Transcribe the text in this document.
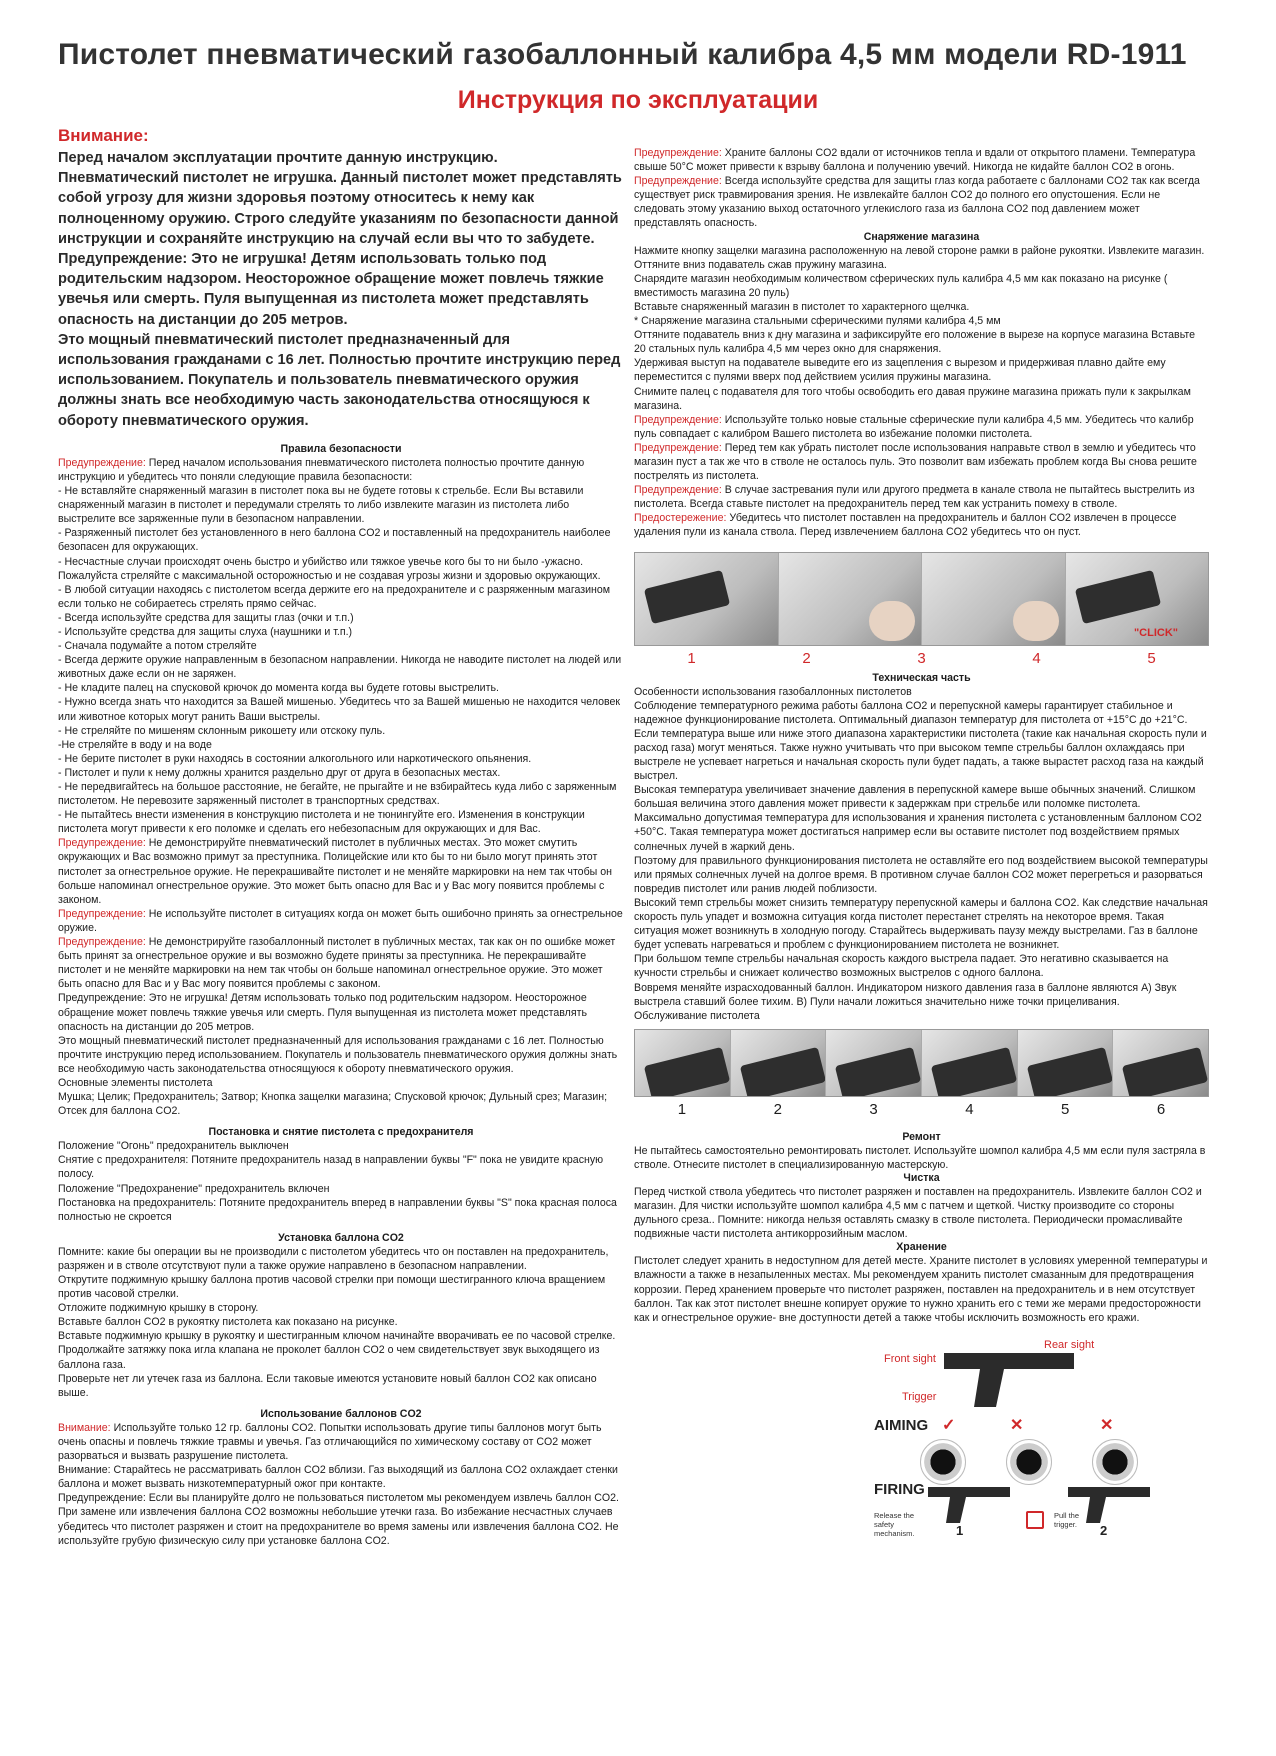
Пистолет пневматический газобаллонный калибра 4,5 мм модели RD-1911
Инструкция по эксплуатации
Внимание:
Перед началом эксплуатации прочтите данную инструкцию.
Пневматический пистолет не игрушка. Данный пистолет может представлять собой угрозу для жизни здоровья поэтому относитесь к нему как полноценному оружию. Строго следуйте указаниям по безопасности данной инструкции и сохраняйте инструкцию на случай если вы что то забудете.
Предупреждение: Это не игрушка! Детям использовать только под родительским надзором. Неосторожное обращение может повлечь тяжкие увечья или смерть. Пуля выпущенная из пистолета может представлять опасность на дистанции до 205 метров.
Это мощный пневматический пистолет предназначенный для использования гражданами с 16 лет. Полностью прочтите инструкцию перед использованием. Покупатель и пользователь пневматического оружия должны знать все необходимую часть законодательства относящуюся к обороту пневматического оружия.
Правила безопасности
Предупреждение: Перед началом использования пневматического пистолета полностью прочтите данную инструкцию и убедитесь что поняли следующие правила безопасности:
- Не вставляйте снаряженный магазин в пистолет пока вы не будете готовы к стрельбе. Если Вы вставили снаряженный магазин в пистолет и передумали стрелять то либо извлеките магазин из пистолета либо выстрелите все заряженные пули в безопасном направлении.
- Разряженный пистолет без установленного в него баллона CO2 и поставленный на предохранитель наиболее безопасен для окружающих.
- Несчастные случаи происходят очень быстро и убийство или тяжкое увечье кого бы то ни было -ужасно. Пожалуйста стреляйте с максимальной осторожностью и не создавая угрозы жизни и здоровью окружающих.
- В любой ситуации находясь с пистолетом всегда держите его на предохранителе и с разряженным магазином если только не собираетесь стрелять прямо сейчас.
- Всегда используйте средства для защиты глаз (очки и т.п.)
- Используйте средства для защиты слуха (наушники и т.п.)
- Сначала подумайте а потом стреляйте
- Всегда держите оружие направленным в безопасном направлении. Никогда не наводите пистолет на людей или животных даже если он не заряжен.
- Не кладите палец на спусковой крючок до момента когда вы будете готовы выстрелить.
- Нужно всегда знать что находится за Вашей мишенью. Убедитесь что за Вашей мишенью не находится человек или животное которых могут ранить Ваши выстрелы.
- Не стреляйте по мишеням склонным рикошету или отскоку пуль.
-Не стреляйте в воду и на воде
- Не берите пистолет в руки находясь в состоянии алкогольного или наркотического опьянения.
- Пистолет и пули к нему должны хранится раздельно друг от друга в безопасных местах.
- Не передвигайтесь на большое расстояние, не бегайте, не прыгайте и не взбирайтесь куда либо с заряженным пистолетом. Не перевозите заряженный пистолет в транспортных средствах.
- Не пытайтесь внести изменения в конструкцию пистолета и не тюнингуйте его. Изменения в конструкции пистолета могут привести к его поломке и сделать его небезопасным для окружающих и для Вас.
Предупреждение: Не демонстрируйте пневматический пистолет в публичных местах. Это может смутить окружающих и Вас возможно примут за преступника. Полицейские или кто бы то ни было могут принять этот пистолет за огнестрельное оружие. Не перекрашивайте пистолет и не меняйте маркировки на нем так чтобы он больше напоминал огнестрельное оружие. Это может быть опасно для Вас и у Вас могу появится проблемы с законом.
Предупреждение: Не используйте пистолет в ситуациях когда он может быть ошибочно принять за огнестрельное оружие.
Предупреждение: Не демонстрируйте газобаллонный пистолет в публичных местах, так как он по ошибке может быть принят за огнестрельное оружие и вы возможно будете приняты за преступника. Не перекрашивайте пистолет и не меняйте маркировки на нем так чтобы он больше напоминал огнестрельное оружие. Это может быть опасно для Вас и у Вас могу появится проблемы с законом.
Предупреждение: Это не игрушка! Детям использовать только под родительским надзором. Неосторожное обращение может повлечь тяжкие увечья или смерть. Пуля выпущенная из пистолета может представлять опасность на дистанции до 205 метров.
Это мощный пневматический пистолет предназначенный для использования гражданами с 16 лет. Полностью прочтите инструкцию перед использованием. Покупатель и пользователь пневматического оружия должны знать все необходимую часть законодательства относящуюся к обороту пневматического оружия.
Основные элементы пистолета
Мушка; Целик; Предохранитель; Затвор; Кнопка защелки магазина; Спусковой крючок; Дульный срез; Магазин; Отсек для баллона CO2.
Постановка и снятие пистолета с предохранителя
Положение "Огонь" предохранитель выключен
Снятие с предохранителя: Потяните предохранитель назад в направлении буквы "F" пока не увидите красную полосу.
Положение "Предохранение" предохранитель включен
Постановка на предохранитель: Потяните предохранитель вперед в направлении буквы "S" пока красная полоса полностью не скроется
Установка баллона CO2
Помните: какие бы операции вы не производили с пистолетом убедитесь что он поставлен на предохранитель, разряжен и в стволе отсутствуют пули а также оружие направлено в безопасном направлении.
Открутите поджимную крышку баллона против часовой стрелки при помощи шестигранного ключа вращением против часовой стрелки.
Отложите поджимную крышку в сторону.
Вставьте баллон CO2 в рукоятку пистолета как показано на рисунке.
Вставьте поджимную крышку в рукоятку и шестигранным ключом начинайте вворачивать ее по часовой стрелке.
Продолжайте затяжку пока игла клапана не проколет баллон CO2 о чем свидетельствует звук выходящего из баллона газа.
Проверьте нет ли утечек газа из баллона. Если таковые имеются установите новый баллон CO2 как описано выше.
Использование баллонов CO2
Внимание: Используйте только 12 гр. баллоны CO2. Попытки использовать другие типы баллонов могут быть очень опасны и повлечь тяжкие травмы и увечья. Газ отличающийся по химическому составу от CO2 может разорваться и вызвать разрушение пистолета.
Внимание: Старайтесь не рассматривать баллон CO2 вблизи. Газ выходящий из баллона CO2 охлаждает стенки баллона и может вызвать низкотемпературный ожог при контакте.
Предупреждение: Если вы планируйте долго не пользоваться пистолетом мы рекомендуем извлечь баллон CO2. При замене или извлечения баллона CO2 возможны небольшие утечки газа. Во избежание несчастных случаев убедитесь что пистолет разряжен и стоит на предохранителе во время замены или извлечения баллона CO2. Не используйте грубую физическую силу при установке баллона CO2.
Предупреждение: Храните баллоны CO2 вдали от источников тепла и вдали от открытого пламени. Температура свыше 50°С может привести к взрыву баллона и получению увечий. Никогда не кидайте баллон CO2 в огонь.
Предупреждение: Всегда используйте средства для защиты глаз когда работаете с баллонами CO2 так как всегда существует риск травмирования зрения. Не извлекайте баллон CO2 до полного его опустошения. Если не следовать этому указанию выход остаточного углекислого газа из баллона CO2 под давлением может представлять опасность.
Снаряжение магазина
Нажмите кнопку защелки магазина расположенную на левой стороне рамки в районе рукоятки. Извлеките магазин.
Оттяните вниз подаватель сжав пружину магазина.
Снарядите магазин необходимым количеством сферических пуль калибра 4,5 мм как показано на рисунке ( вместимость магазина 20 пуль)
Вставьте снаряженный магазин в пистолет то характерного щелчка.
* Снаряжение магазина стальными сферическими пулями калибра 4,5 мм
Оттяните подаватель вниз к дну магазина и зафиксируйте его положение в вырезе на корпусе магазина Вставьте 20 стальных пуль калибра 4,5 мм через окно для снаряжения.
Удерживая выступ на подавателе выведите его из зацепления с вырезом и придерживая плавно дайте ему переместится с пулями вверх под действием усилия пружины магазина.
Снимите палец с подавателя для того чтобы освободить его давая пружине магазина прижать пули к закрылкам магазина.
Предупреждение: Используйте только новые стальные сферические пули калибра 4,5 мм. Убедитесь что калибр пуль совпадает с калибром Вашего пистолета во избежание поломки пистолета.
Предупреждение: Перед тем как убрать пистолет после использования направьте ствол в землю и убедитесь что магазин пуст а так же что в стволе не осталось пуль. Это позволит вам избежать проблем когда Вы снова решите пострелять из пистолета.
Предупреждение: В случае застревания пули или другого предмета в канале ствола не пытайтесь выстрелить из пистолета. Всегда ставьте пистолет на предохранитель перед тем как устранить помеху в стволе.
Предостережение: Убедитесь что пистолет поставлен на предохранитель и баллон CO2 извлечен в процессе удаления пули из канала ствола. Перед извлечением баллона CO2 убедитесь что он пуст.
"CLICK"
1	2	3	4	5
Техническая часть
Особенности использования газобаллонных пистолетов
Соблюдение температурного режима работы баллона CO2 и перепускной камеры гарантирует стабильное и надежное функционирование пистолета. Оптимальный диапазон температур для пистолета от +15°С до +21°С. Если температура выше или ниже этого диапазона характеристики пистолета (такие как начальная скорость пули и расход газа) могут меняться. Также нужно учитывать что при высоком темпе стрельбы баллон охлаждаясь при выстреле не успевает нагреться и начальная скорость пули будет падать, а также вырастет расход газа на каждый выстрел.
Высокая температура увеличивает значение давления в перепускной камере выше обычных значений. Слишком большая величина этого давления может привести к задержкам при стрельбе или поломке пистолета. Максимально допустимая температура для использования и хранения пистолета с установленным баллоном CO2 +50°С. Такая температура может достигаться например если вы оставите пистолет под воздействием прямых солнечных лучей в жаркий день.
Поэтому для правильного функционирования пистолета не оставляйте его под воздействием высокой температуры или прямых солнечных лучей на долгое время. В противном случае баллон CO2 может перегреться и разорваться повредив пистолет или ранив людей поблизости.
Высокий темп стрельбы может снизить температуру перепускной камеры и баллона CO2. Как следствие начальная скорость пуль упадет и возможна ситуация когда пистолет перестанет стрелять на некоторое время. Такая ситуация может возникнуть в холодную погоду. Старайтесь выдерживать паузу между выстрелами. Газ в баллоне будет успевать нагреваться и проблем с функционированием пистолета не возникнет.
При большом темпе стрельбы начальная скорость каждого выстрела падает. Это негативно сказывается на кучности стрельбы и снижает количество возможных выстрелов с одного баллона.
Вовремя меняйте израсходованный баллон. Индикатором низкого давления газа в баллоне являются А) Звук выстрела ставший более тихим. В) Пули начали ложиться значительно ниже точки прицеливания.
Обслуживание пистолета
1	2	3	4	5	6
Ремонт
Не пытайтесь самостоятельно ремонтировать пистолет. Используйте шомпол калибра 4,5 мм если пуля застряла в стволе. Отнесите пистолет в специализированную мастерскую.
Чистка
Перед чисткой ствола убедитесь что пистолет разряжен и поставлен на предохранитель. Извлеките баллон CO2 и магазин. Для чистки используйте шомпол калибра 4,5 мм с патчем и щеткой. Чистку производите со стороны дульного среза.. Помните: никогда нельзя оставлять смазку в стволе пистолета. Периодически промасливайте подвижные части пистолета антикоррозийным маслом.
Хранение
Пистолет следует хранить в недоступном для детей месте. Храните пистолет в условиях умеренной температуры и влажности а также в незапыленных местах. Мы рекомендуем хранить пистолет смазанным для предотвращения коррозии. Перед хранением проверьте что пистолет разряжен, поставлен на предохранитель и в нем отсутствует баллон. Так как этот пистолет внешне копирует оружие то нужно хранить его с теми же мерами предосторожности как и огнестрельное оружие- вне доступности детей а также чтобы исключить возможность его кражи.
Rear sight
Front sight
Trigger
AIMING ✓	✕	✕
FIRING
Release the safety mechanism.	1
Pull the trigger.	2
